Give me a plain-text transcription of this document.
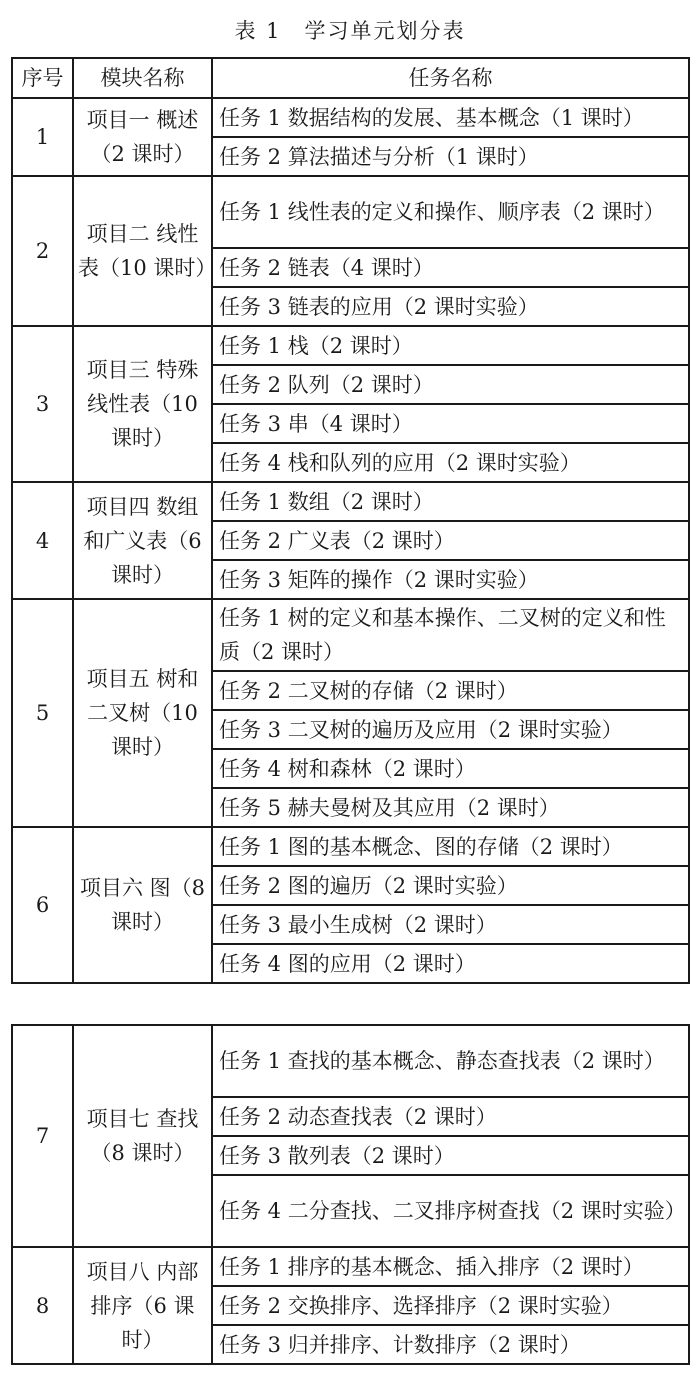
表 1　学习单元划分表
序号	模块名称	任务名称
1	项目一 概述（2 课时）	任务 1 数据结构的发展、基本概念（1 课时）
		任务 2 算法描述与分析（1 课时）
2	项目二 线性表（10 课时）	任务 1 线性表的定义和操作、顺序表（2 课时）
		任务 2 链表（4 课时）
		任务 3 链表的应用（2 课时实验）
3	项目三 特殊线性表（10课时）	任务 1 栈（2 课时）
		任务 2 队列（2 课时）
		任务 3 串（4 课时）
		任务 4 栈和队列的应用（2 课时实验）
4	项目四 数组和广义表（6 课时）	任务 1 数组（2 课时）
		任务 2 广义表（2 课时）
		任务 3 矩阵的操作（2 课时实验）
5	项目五 树和二叉树（10课时）	任务 1 树的定义和基本操作、二叉树的定义和性质（2 课时）
		任务 2 二叉树的存储（2 课时）
		任务 3 二叉树的遍历及应用（2 课时实验）
		任务 4 树和森林（2 课时）
		任务 5 赫夫曼树及其应用（2 课时）
6	项目六 图（8 课时）	任务 1 图的基本概念、图的存储（2 课时）
		任务 2 图的遍历（2 课时实验）
		任务 3 最小生成树（2 课时）
		任务 4 图的应用（2 课时）
7	项目七 查找（8 课时）	任务 1 查找的基本概念、静态查找表（2 课时）
		任务 2 动态查找表（2 课时）
		任务 3 散列表（2 课时）
		任务 4 二分查找、二叉排序树查找（2 课时实验）
8	项目八 内部排序（6 课时）	任务 1 排序的基本概念、插入排序（2 课时）
		任务 2 交换排序、选择排序（2 课时实验）
		任务 3 归并排序、计数排序（2 课时）
